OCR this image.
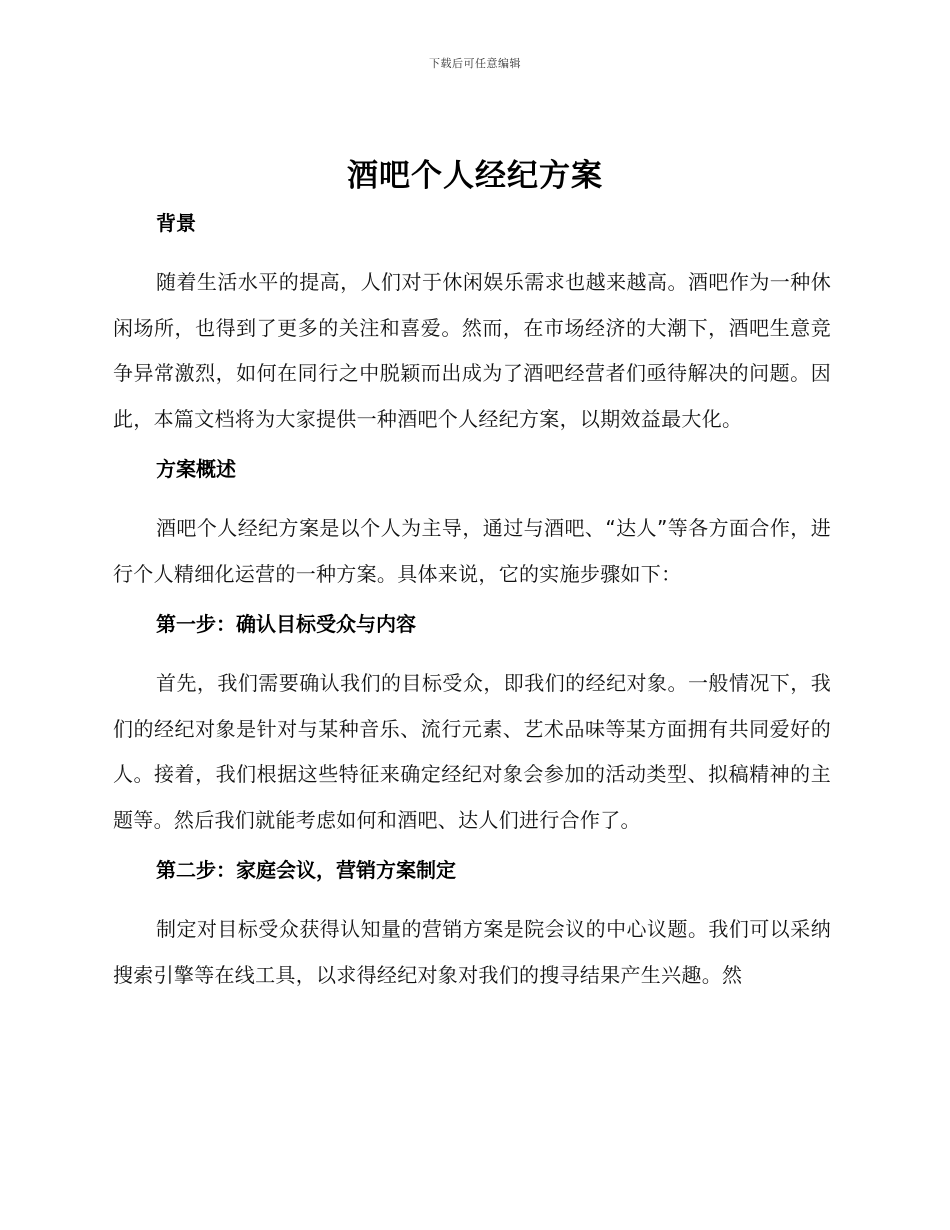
下载后可任意编辑
酒吧个人经纪方案

背景

随着生活水平的提高，人们对于休闲娱乐需求也越来越高。酒吧作为一种休闲场所，也得到了更多的关注和喜爱。然而，在市场经济的大潮下，酒吧生意竞争异常激烈，如何在同行之中脱颖而出成为了酒吧经营者们亟待解决的问题。因此，本篇文档将为大家提供一种酒吧个人经纪方案，以期效益最大化。

方案概述

酒吧个人经纪方案是以个人为主导，通过与酒吧、“达人”等各方面合作，进行个人精细化运营的一种方案。具体来说，它的实施步骤如下：

第一步：确认目标受众与内容

首先，我们需要确认我们的目标受众，即我们的经纪对象。一般情况下，我们的经纪对象是针对与某种音乐、流行元素、艺术品味等某方面拥有共同爱好的人。接着，我们根据这些特征来确定经纪对象会参加的活动类型、拟稿精神的主题等。然后我们就能考虑如何和酒吧、达人们进行合作了。

第二步：家庭会议，营销方案制定

制定对目标受众获得认知量的营销方案是院会议的中心议题。我们可以采纳搜索引擎等在线工具，以求得经纪对象对我们的搜寻结果产生兴趣。然
